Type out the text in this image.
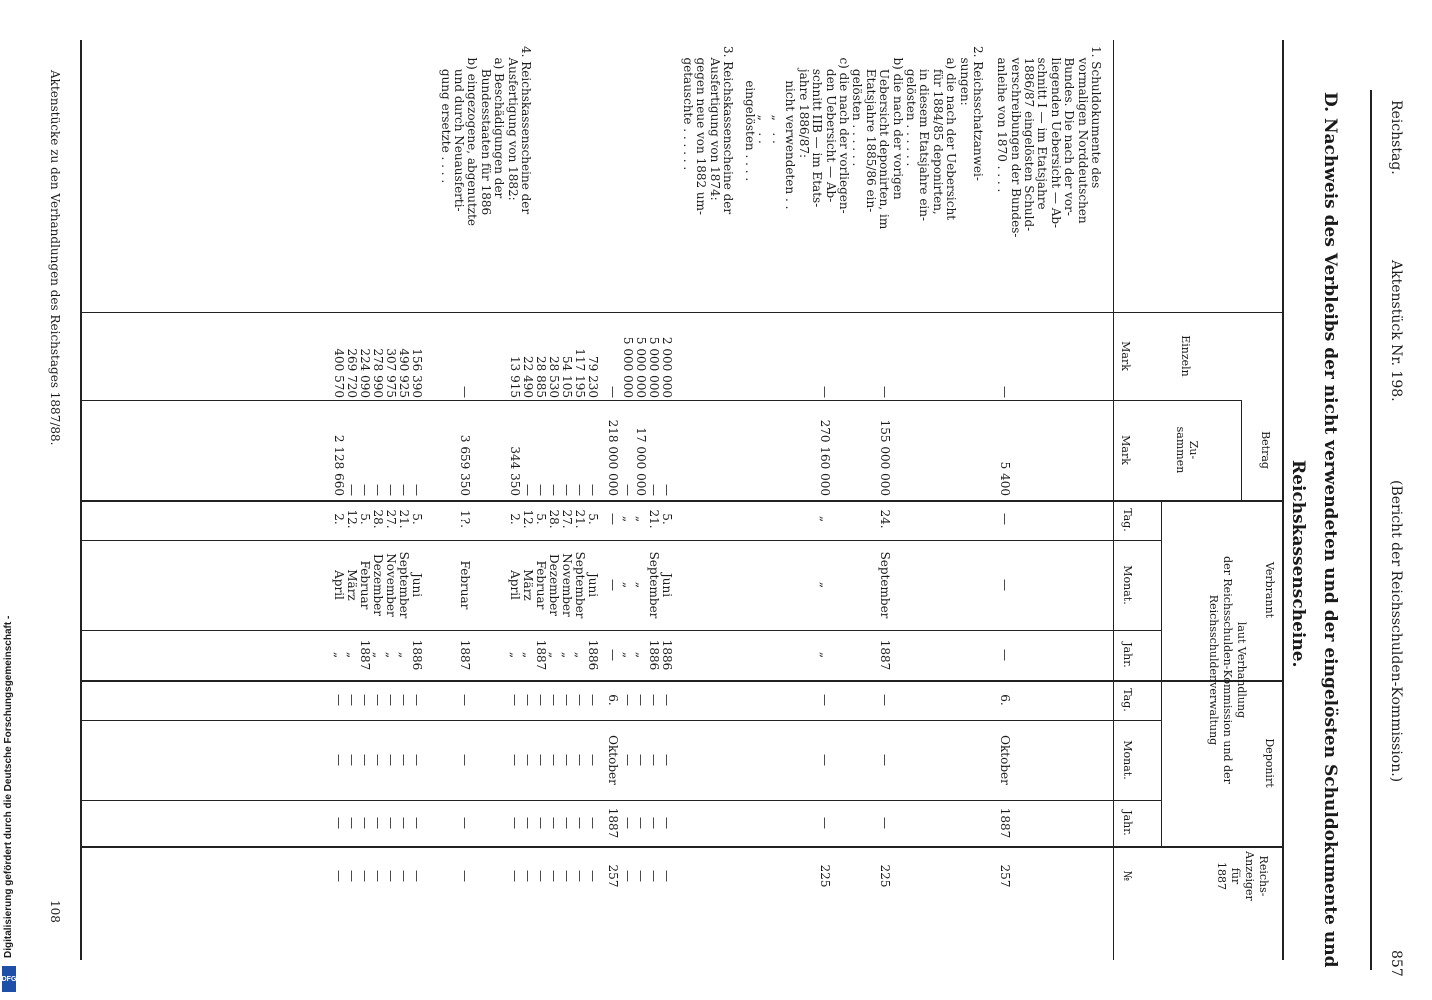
Reichstag.
Aktenstück Nr. 198.
(Bericht der Reichsschulden-Kommission.)
857
D. Nachweis des Verbleibs der nicht verwendeten und der eingelösten Schuldokumente und
Reichskassenscheine.
Betrag
Einzeln
Mark
Zu-
sammen
Mark
Verbrannt
Deponirt
laut Verhandlung
der Reichsschulden-Kommission und der
Reichsschuldenverwaltung
Tag.
Monat.
Jahr.
Tag.
Monat.
Jahr.
Reichs-
Anzeiger
für
1887
№
1. Schuldokumente des
vormaligen Norddeutschen
Bundes. Die nach der vor-
liegenden Uebersicht — Ab-
schnitt I — im Etatsjahre
1886/87 eingelösten Schuld-
verschreibungen der Bundes-
anleihe von 1870 . . . .
2. Reichsschatzanwei-
sungen:
a) die nach der Uebersicht
für 1884/85 deponirten,
in diesem Etatsjahre ein-
gelösten . . . . . .
b) die nach der vorigen
Uebersicht deponirten, im
Etatsjahre 1885/86 ein-
gelösten . . . . . .
c) die nach der vorliegen-
den Uebersicht — Ab-
schnitt IIB — im Etats-
jahre 1886/87:
nicht verwendeten . .
„   . .
„   . .
eingelösten . . . .
3. Reichskassenscheine der
Ausfertigung von 1874:
gegen neue von 1882 um-
getauschte . . . . . .
4. Reichskassenscheine der
Ausfertigung von 1882:
a) Beschädigungen der
Bundesstaaten für 1886
b) eingezogene, abgenutzte
und durch Neuausferti-
gung ersetzte . . . .
—
5 400
—
—
—
6.
Oktober
1887
257
—
155 000 000
24.
September
1887
—
—
—
225
—
270 160 000
„
„
„
—
—
—
225
2 000 000
—
5.
Juni
1886
—
—
—
—
5 000 000
—
21.
September
1886
—
—
—
—
5 000 000
17 000 000
„
„
„
—
—
—
—
5 000 000
—
„
„
„
—
—
—
—
—
218 000 000
—
—
—
6.
Oktober
1887
257
79 230
—
5.
Juni
1886
—
—
—
—
117 195
—
21.
September
„
—
—
—
—
54 105
—
27.
November
„
—
—
—
—
28 530
—
28.
Dezember
„
—
—
—
—
28 885
—
5.
Februar
1887
—
—
—
—
22 490
—
12.
März
„
—
—
—
—
13 915
344 350
2.
April
„
—
—
—
—
—
3 659 350
1?.
Februar
1887
—
—
—
—
156 390
—
5.
Juni
1886
—
—
—
—
490 925
—
21.
September
„
—
—
—
—
307 975
—
27.
November
„
—
—
—
—
278 990
—
28.
Dezember
„
—
—
—
—
224 090
—
5.
Februar
1887
—
—
—
—
269 720
—
12.
März
„
—
—
—
—
400 570
2 128 660
2.
April
„
—
—
—
—
Aktenstücke zu den Verhandlungen des Reichstages 1887/88.
108
Digitalisierung gefördert durch die Deutsche Forschungsgemeinschaft -
DFG
